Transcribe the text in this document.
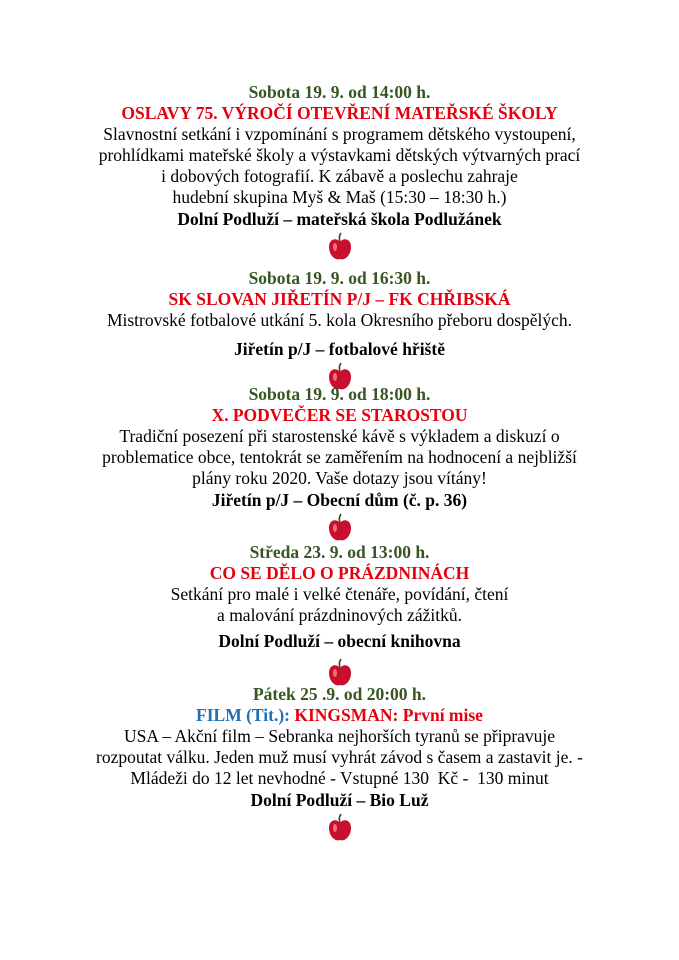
Sobota 19. 9. od 14:00 h.
OSLAVY 75. VÝROČÍ OTEVŘENÍ MATEŘSKÉ ŠKOLY
Slavnostní setkání i vzpomínání s programem dětského vystoupení,
prohlídkami mateřské školy a výstavkami dětských výtvarných prací
i dobových fotografií. K zábavě a poslechu zahraje
hudební skupina Myš & Maš (15:30 – 18:30 h.)
Dolní Podluží – mateřská škola Podlužánek
Sobota 19. 9. od 16:30 h.
SK SLOVAN JIŘETÍN P/J – FK CHŘIBSKÁ
Mistrovské fotbalové utkání 5. kola Okresního přeboru dospělých.
Jiřetín p/J – fotbalové hřiště
Sobota 19. 9. od 18:00 h.
X. PODVEČER SE STAROSTOU
Tradiční posezení při starostenské kávě s výkladem a diskuzí o
problematice obce, tentokrát se zaměřením na hodnocení a nejbližší
plány roku 2020. Vaše dotazy jsou vítány!
Jiřetín p/J – Obecní dům (č. p. 36)
Středa 23. 9. od 13:00 h.
CO SE DĚLO O PRÁZDNINÁCH
Setkání pro malé i velké čtenáře, povídání, čtení
a malování prázdninových zážitků.
Dolní Podluží – obecní knihovna
Pátek 25 .9. od 20:00 h.
FILM (Tit.): KINGSMAN: První mise
USA – Akční film – Sebranka nejhorších tyranů se připravuje
rozpoutat válku. Jeden muž musí vyhrát závod s časem a zastavit je. -
Mládeži do 12 let nevhodné - Vstupné 130  Kč -  130 minut
Dolní Podluží – Bio Luž
